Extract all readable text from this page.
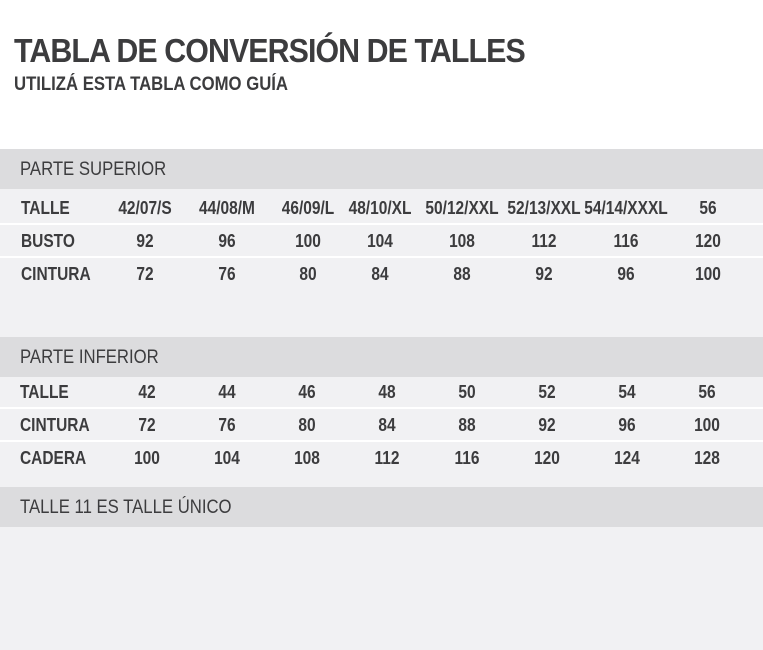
TABLA DE CONVERSIÓN DE TALLES
UTILIZÁ ESTA TABLA COMO GUÍA
PARTE SUPERIOR
TALLE	42/07/S	44/08/M	46/09/L 48/10/XL 50/12/XXL 52/13/XXL 54/14/XXXL	56
BUSTO	92	96	100	104	108	112	116	120
CINTURA	72	76	80	84	88	92	96	100
PARTE INFERIOR
TALLE	42	44	46	48	50	52	54	56
CINTURA	72	76	80	84	88	92	96	100
CADERA	100	104	108	112	116	120	124	128
TALLE 11 ES TALLE ÚNICO
